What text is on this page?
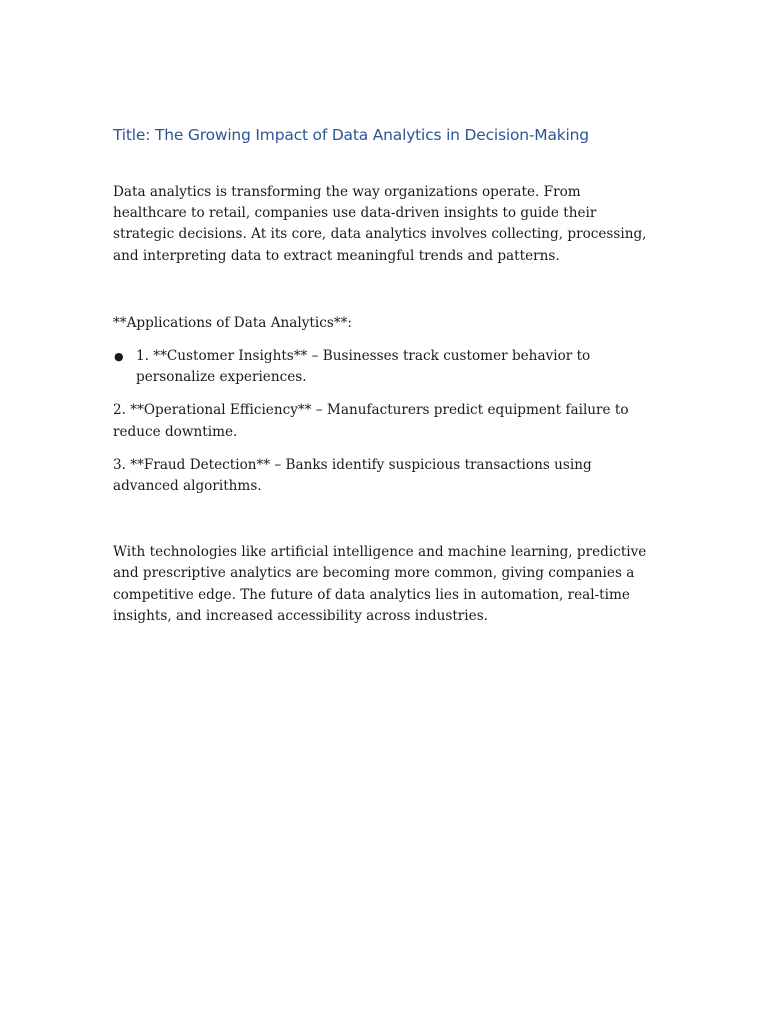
Title: The Growing Impact of Data Analytics in Decision-Making

Data analytics is transforming the way organizations operate. From healthcare to retail, companies use data-driven insights to guide their strategic decisions. At its core, data analytics involves collecting, processing, and interpreting data to extract meaningful trends and patterns.

**Applications of Data Analytics**:

● 1. **Customer Insights** – Businesses track customer behavior to personalize experiences.

2. **Operational Efficiency** – Manufacturers predict equipment failure to reduce downtime.

3. **Fraud Detection** – Banks identify suspicious transactions using advanced algorithms.

With technologies like artificial intelligence and machine learning, predictive and prescriptive analytics are becoming more common, giving companies a competitive edge. The future of data analytics lies in automation, real-time insights, and increased accessibility across industries.
